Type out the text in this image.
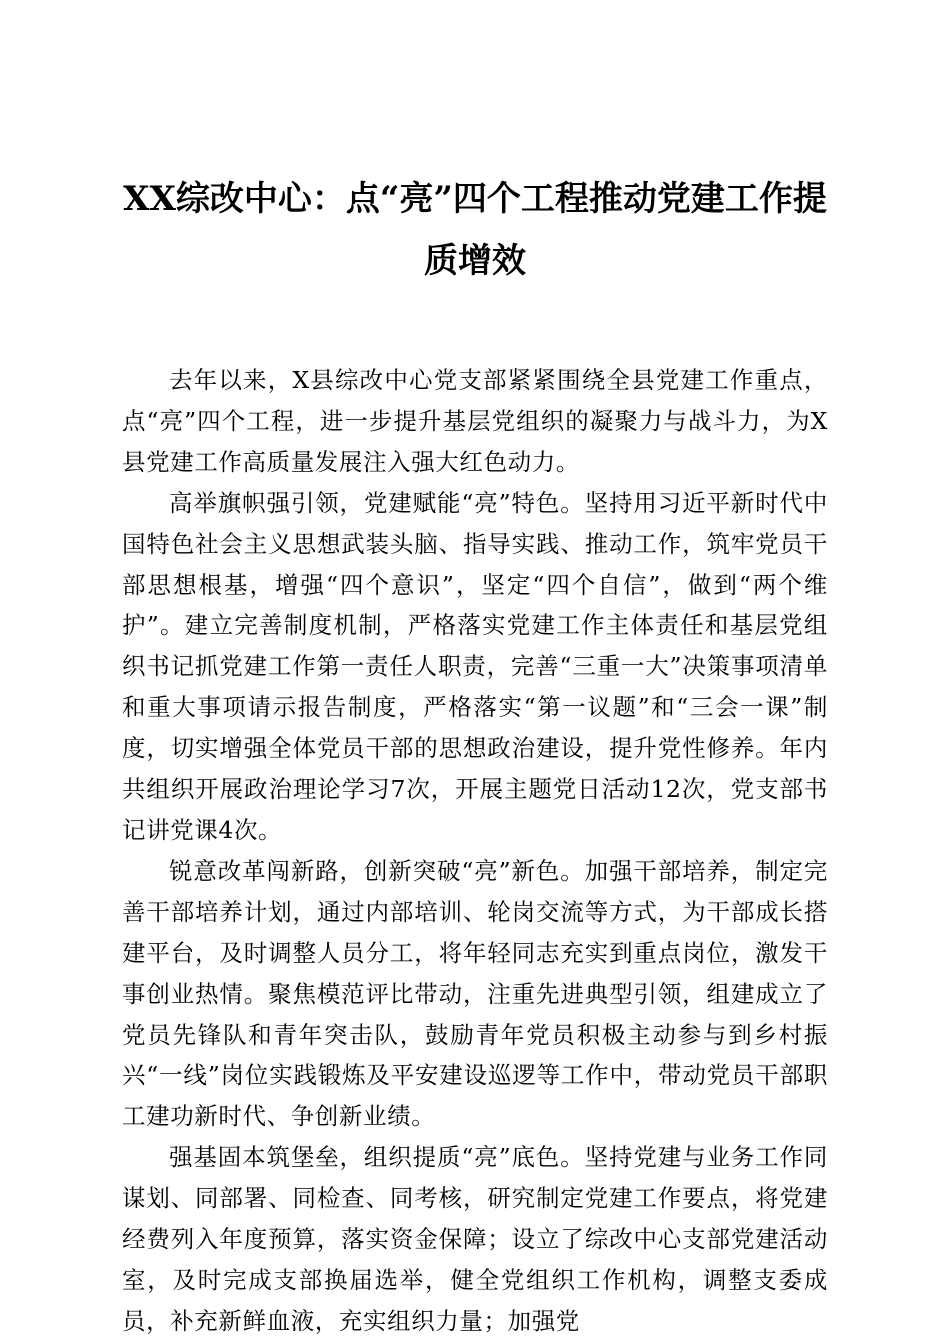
XX综改中心：点“亮”四个工程推动党建工作提质增效

去年以来，X县综改中心党支部紧紧围绕全县党建工作重点，点“亮”四个工程，进一步提升基层党组织的凝聚力与战斗力，为X县党建工作高质量发展注入强大红色动力。

高举旗帜强引领，党建赋能“亮”特色。坚持用习近平新时代中国特色社会主义思想武装头脑、指导实践、推动工作，筑牢党员干部思想根基，增强“四个意识”，坚定“四个自信”，做到“两个维护”。建立完善制度机制，严格落实党建工作主体责任和基层党组织书记抓党建工作第一责任人职责，完善“三重一大”决策事项清单和重大事项请示报告制度，严格落实“第一议题”和“三会一课”制度，切实增强全体党员干部的思想政治建设，提升党性修养。年内共组织开展政治理论学习7次，开展主题党日活动12次，党支部书记讲党课4次。

锐意改革闯新路，创新突破“亮”新色。加强干部培养，制定完善干部培养计划，通过内部培训、轮岗交流等方式，为干部成长搭建平台，及时调整人员分工，将年轻同志充实到重点岗位，激发干事创业热情。聚焦模范评比带动，注重先进典型引领，组建成立了党员先锋队和青年突击队，鼓励青年党员积极主动参与到乡村振兴“一线”岗位实践锻炼及平安建设巡逻等工作中，带动党员干部职工建功新时代、争创新业绩。

强基固本筑堡垒，组织提质“亮”底色。坚持党建与业务工作同谋划、同部署、同检查、同考核，研究制定党建工作要点，将党建经费列入年度预算，落实资金保障；设立了综改中心支部党建活动室，及时完成支部换届选举，健全党组织工作机构，调整支委成员，补充新鲜血液，充实组织力量；加强党
